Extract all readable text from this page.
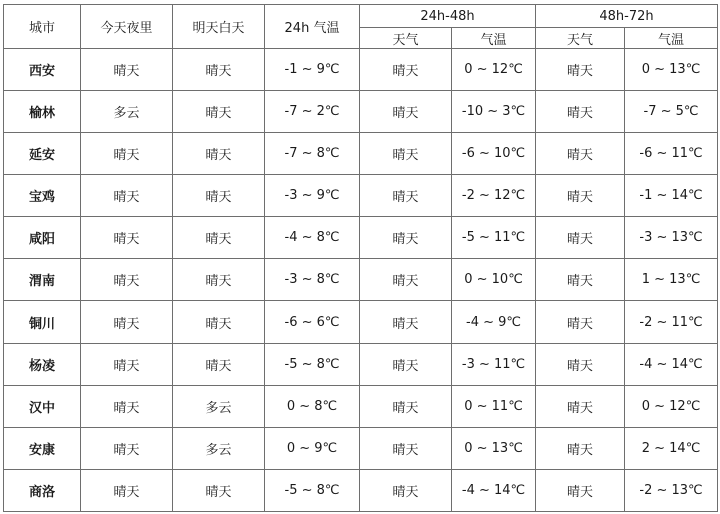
城市	今天夜里	明天白天	24h 气温	24h-48h		48h-72h	
				天气	气温	天气	气温
西安	晴天	晴天	-1 ~ 9℃	晴天	0 ~ 12℃	晴天	0 ~ 13℃
榆林	多云	晴天	-7 ~ 2℃	晴天	-10 ~ 3℃	晴天	-7 ~ 5℃
延安	晴天	晴天	-7 ~ 8℃	晴天	-6 ~ 10℃	晴天	-6 ~ 11℃
宝鸡	晴天	晴天	-3 ~ 9℃	晴天	-2 ~ 12℃	晴天	-1 ~ 14℃
咸阳	晴天	晴天	-4 ~ 8℃	晴天	-5 ~ 11℃	晴天	-3 ~ 13℃
渭南	晴天	晴天	-3 ~ 8℃	晴天	0 ~ 10℃	晴天	1 ~ 13℃
铜川	晴天	晴天	-6 ~ 6℃	晴天	-4 ~ 9℃	晴天	-2 ~ 11℃
杨凌	晴天	晴天	-5 ~ 8℃	晴天	-3 ~ 11℃	晴天	-4 ~ 14℃
汉中	晴天	多云	0 ~ 8℃	晴天	0 ~ 11℃	晴天	0 ~ 12℃
安康	晴天	多云	0 ~ 9℃	晴天	0 ~ 13℃	晴天	2 ~ 14℃
商洛	晴天	晴天	-5 ~ 8℃	晴天	-4 ~ 14℃	晴天	-2 ~ 13℃
